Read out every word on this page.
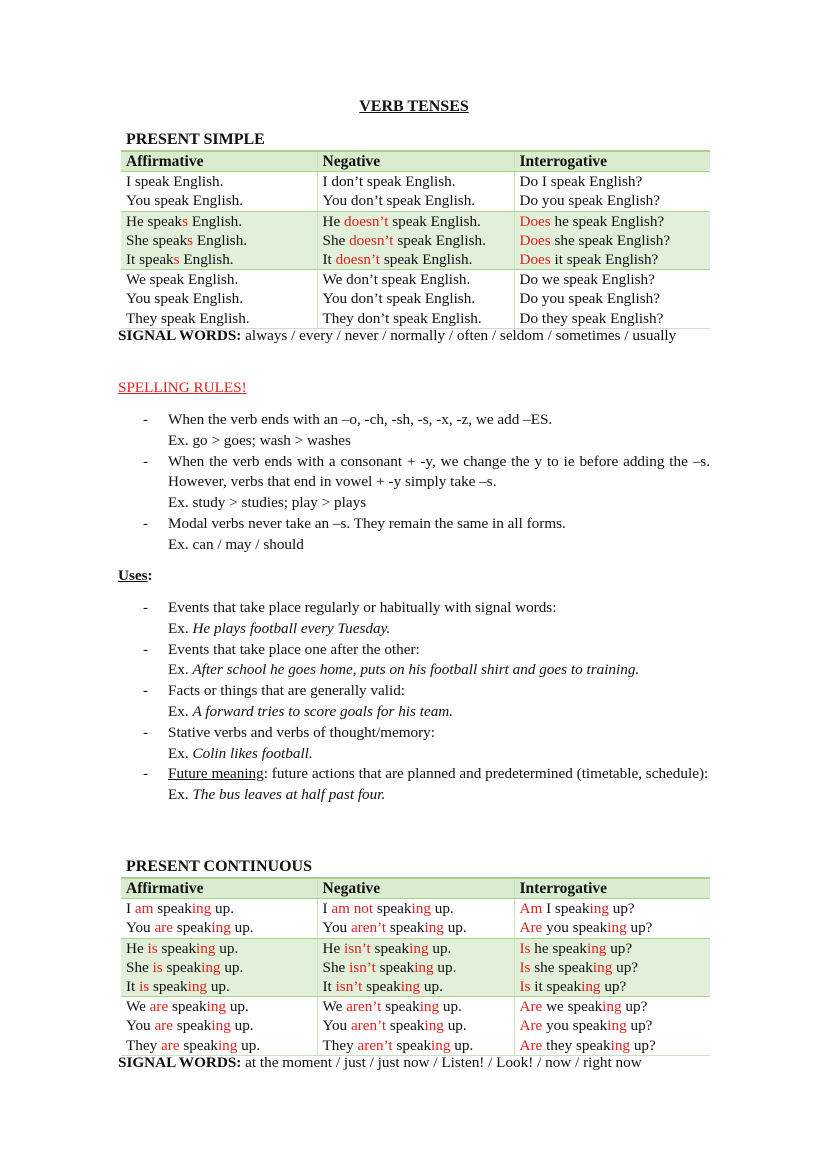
VERB TENSES
PRESENT SIMPLE
Affirmative	Negative	Interrogative
I speak English.	I don’t speak English.	Do I speak English?
You speak English.	You don’t speak English.	Do you speak English?
He speaks English.	He doesn’t speak English.	Does he speak English?
She speaks English.	She doesn’t speak English.	Does she speak English?
It speaks English.	It doesn’t speak English.	Does it speak English?
We speak English.	We don’t speak English.	Do we speak English?
You speak English.	You don’t speak English.	Do you speak English?
They speak English.	They don’t speak English.	Do they speak English?
SIGNAL WORDS: always / every / never / normally / often / seldom / sometimes / usually
SPELLING RULES!
- When the verb ends with an –o, -ch, -sh, -s, -x, -z, we add –ES.
Ex. go > goes; wash > washes
- When the verb ends with a consonant + -y, we change the y to ie before adding the –s. However, verbs that end in vowel + -y simply take –s.
Ex. study > studies; play > plays
- Modal verbs never take an –s. They remain the same in all forms.
Ex. can / may / should
Uses:
- Events that take place regularly or habitually with signal words:
Ex. He plays football every Tuesday.
- Events that take place one after the other:
Ex. After school he goes home, puts on his football shirt and goes to training.
- Facts or things that are generally valid:
Ex. A forward tries to score goals for his team.
- Stative verbs and verbs of thought/memory:
Ex. Colin likes football.
- Future meaning: future actions that are planned and predetermined (timetable, schedule):
Ex. The bus leaves at half past four.
PRESENT CONTINUOUS
Affirmative	Negative	Interrogative
I am speaking up.	I am not speaking up.	Am I speaking up?
You are speaking up.	You aren’t speaking up.	Are you speaking up?
He is speaking up.	He isn’t speaking up.	Is he speaking up?
She is speaking up.	She isn’t speaking up.	Is she speaking up?
It is speaking up.	It isn’t speaking up.	Is it speaking up?
We are speaking up.	We aren’t speaking up.	Are we speaking up?
You are speaking up.	You aren’t speaking up.	Are you speaking up?
They are speaking up.	They aren’t speaking up.	Are they speaking up?
SIGNAL WORDS: at the moment / just / just now / Listen! / Look! / now / right now
